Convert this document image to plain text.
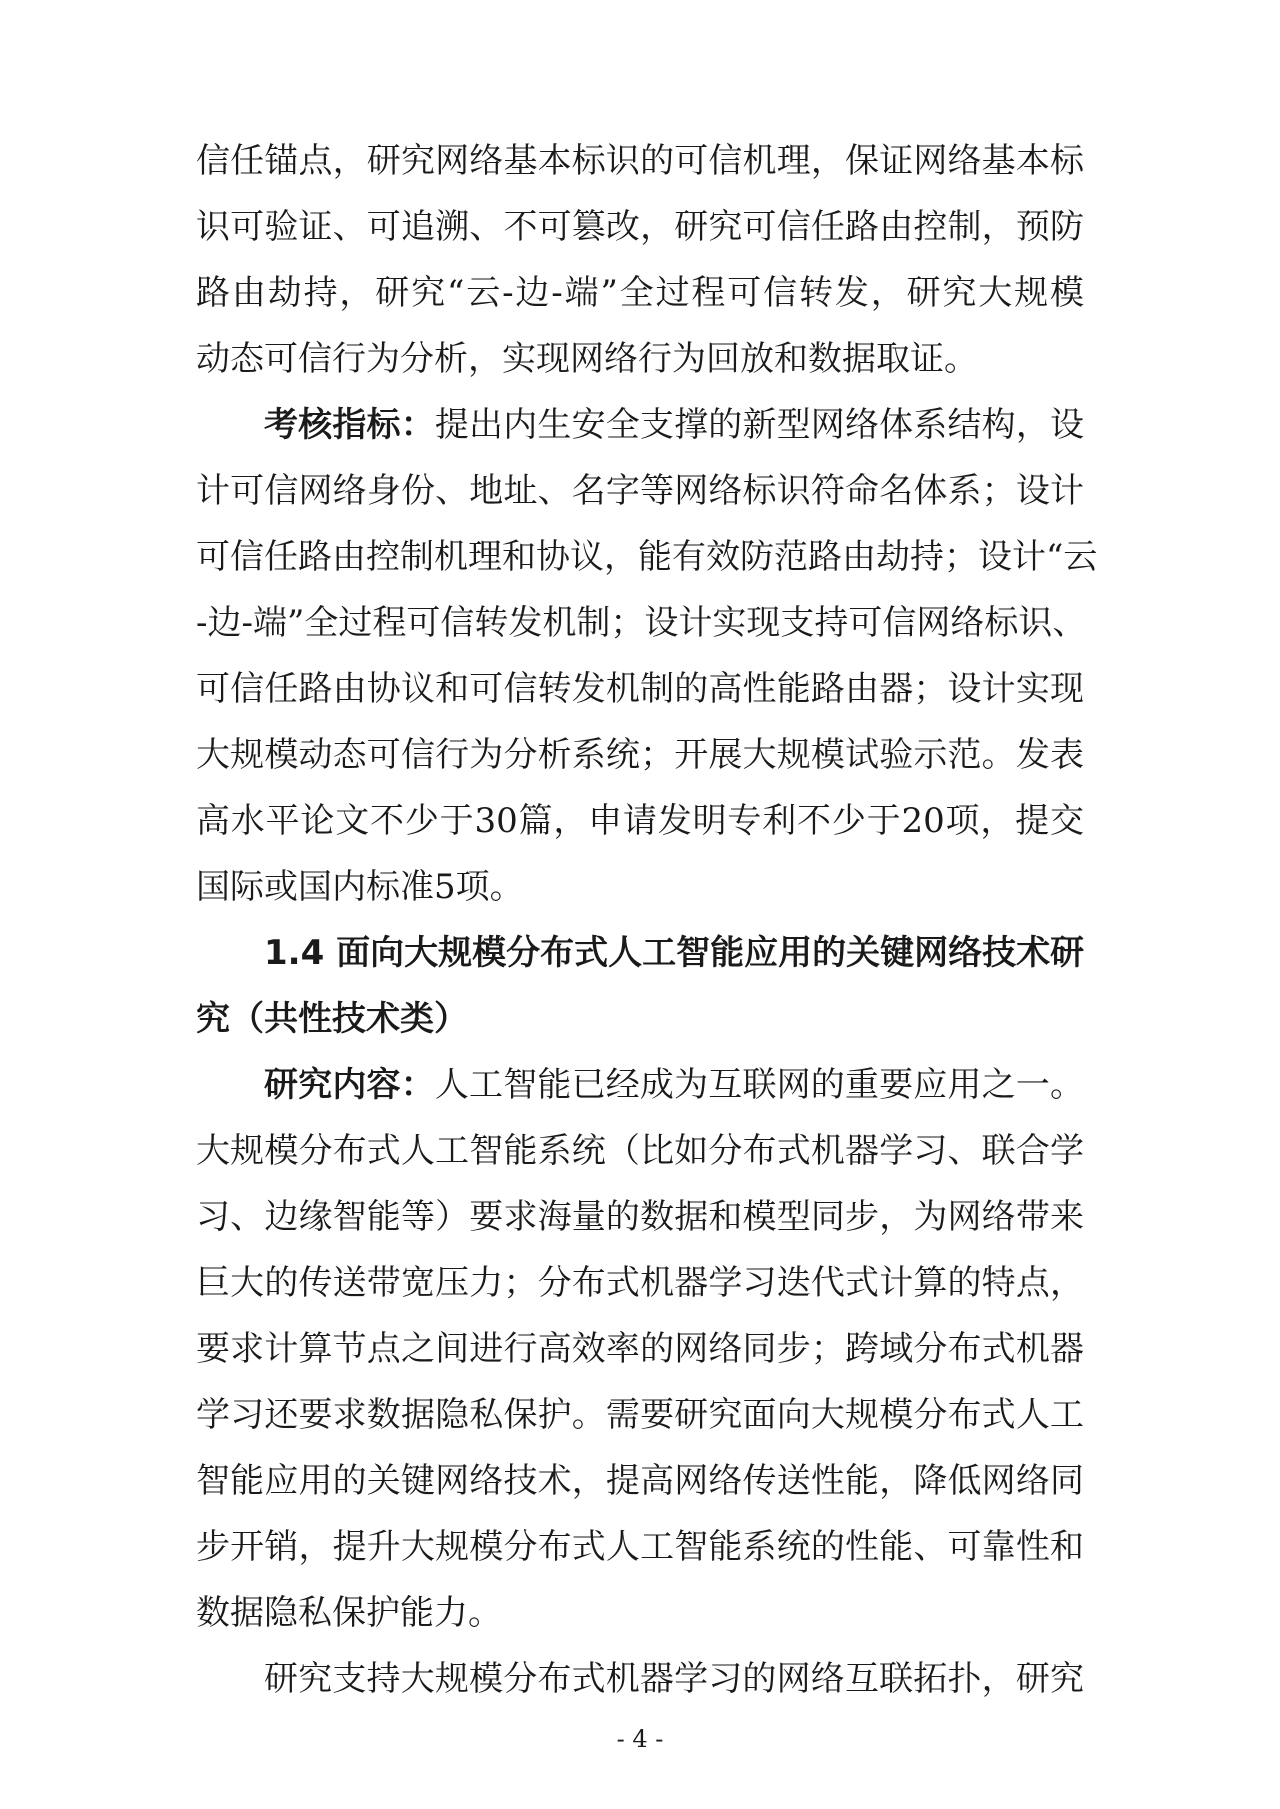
信任锚点，研究网络基本标识的可信机理，保证网络基本标
识可验证、可追溯、不可篡改，研究可信任路由控制，预防
路由劫持，研究“云-边-端”全过程可信转发，研究大规模
动态可信行为分析，实现网络行为回放和数据取证。
考核指标：提出内生安全支撑的新型网络体系结构，设
计可信网络身份、地址、名字等网络标识符命名体系；设计
可信任路由控制机理和协议，能有效防范路由劫持；设计“云
-边-端”全过程可信转发机制；设计实现支持可信网络标识、
可信任路由协议和可信转发机制的高性能路由器；设计实现
大规模动态可信行为分析系统；开展大规模试验示范。发表
高水平论文不少于30篇，申请发明专利不少于20项，提交
国际或国内标准5项。
1.4 面向大规模分布式人工智能应用的关键网络技术研
究（共性技术类）
研究内容：人工智能已经成为互联网的重要应用之一。
大规模分布式人工智能系统（比如分布式机器学习、联合学
习、边缘智能等）要求海量的数据和模型同步，为网络带来
巨大的传送带宽压力；分布式机器学习迭代式计算的特点，
要求计算节点之间进行高效率的网络同步；跨域分布式机器
学习还要求数据隐私保护。需要研究面向大规模分布式人工
智能应用的关键网络技术，提高网络传送性能，降低网络同
步开销，提升大规模分布式人工智能系统的性能、可靠性和
数据隐私保护能力。
研究支持大规模分布式机器学习的网络互联拓扑，研究
- 4 -
